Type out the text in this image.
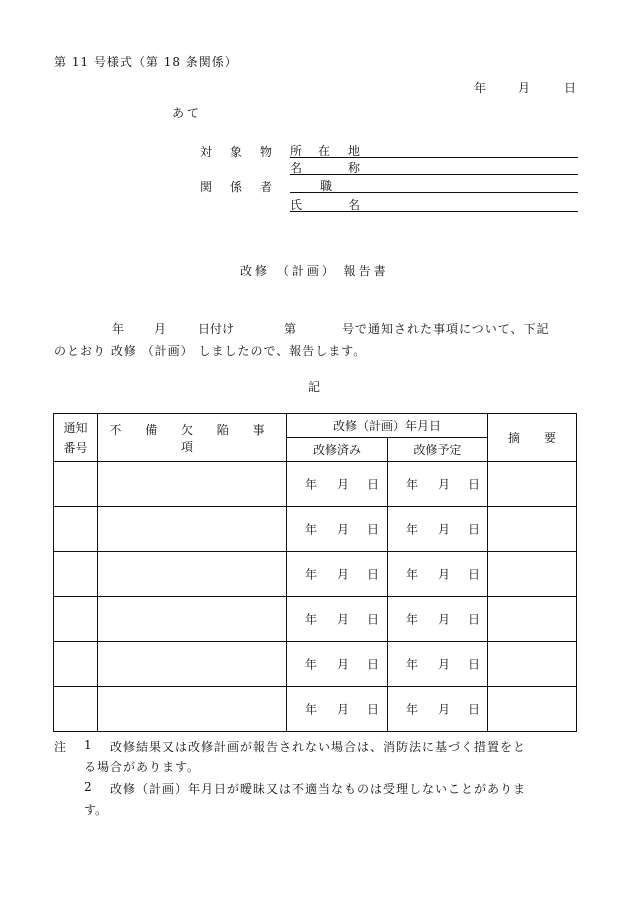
第 11 号様式（第 18 条関係）
年	月	日
あて
対 象 物 所 在 地
名	称
関 係 者	職
氏	名
改修 （計画） 報告書
年 月	日付け	第	号で通知された事項について、下記
のとおり 改修 （計画） しましたので、報告します。
記
通知
番号	不 備 欠 陥 事 項	改修（計画）年月日		摘　　要
		改修済み	改修予定	

		年 月 日	年 月 日	

		年 月 日	年 月 日	

		年 月 日	年 月 日	

		年 月 日	年 月 日	

		年 月 日	年 月 日	

		年 月 日	年 月 日	

注 1 改修結果又は改修計画が報告されない場合は、消防法に基づく措置をと
る場合があります。
2 改修（計画）年月日が曖昧又は不適当なものは受理しないことがありま
す。
